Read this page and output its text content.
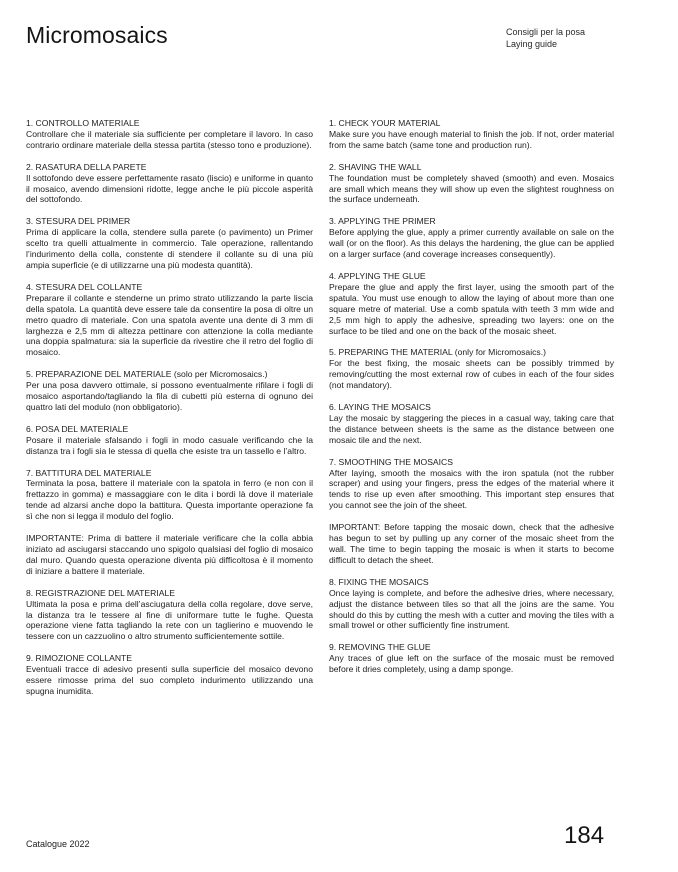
Micromosaics	Consigli per la posa
Laying guide
1. CONTROLLO MATERIALE
Controllare che il materiale sia sufficiente per completare il lavoro. In caso contrario ordinare materiale della stessa partita (stesso tono e produzione).
2. RASATURA DELLA PARETE
Il sottofondo deve essere perfettamente rasato (liscio) e uniforme in quanto il mosaico, avendo dimensioni ridotte, legge anche le più piccole asperità del sottofondo.
3. STESURA DEL PRIMER
Prima di applicare la colla, stendere sulla parete (o pavimento) un Primer scelto tra quelli attualmente in commercio. Tale operazione, rallentando l’indurimento della colla, constente di stendere il collante su di una più ampia superficie (e di utilizzarne una più modesta quantità).
4. STESURA DEL COLLANTE
Preparare il collante e stenderne un primo strato utilizzando la parte liscia della spatola. La quantità deve essere tale da consentire la posa di oltre un metro quadro di materiale. Con una spatola avente una dente di 3 mm di larghezza e 2,5 mm di altezza pettinare con attenzione la colla mediante una doppia spalmatura: sia la superficie da rivestire che il retro del foglio di mosaico.
5. PREPARAZIONE DEL MATERIALE (solo per Micromosaics.)
Per una posa davvero ottimale, si possono eventualmente rifilare i fogli di mosaico asportando/tagliando la fila di cubetti più esterna di ognuno dei quattro lati del modulo (non obbligatorio).
6. POSA DEL MATERIALE
Posare il materiale sfalsando i fogli in modo casuale verificando che la distanza tra i fogli sia le stessa di quella che esiste tra un tassello e l’altro.
7. BATTITURA DEL MATERIALE
Terminata la posa, battere il materiale con la spatola in ferro (e non con il frettazzo in gomma) e massaggiare con le dita i bordi là dove il materiale tende ad alzarsi anche dopo la battitura. Questa importante operazione fa sì che non si legga il modulo del foglio.
IMPORTANTE: Prima di battere il materiale verificare che la colla abbia iniziato ad asciugarsi staccando uno spigolo qualsiasi del foglio di mosaico dal muro. Quando questa operazione diventa più difficoltosa è il momento di iniziare a battere il materiale.
8. REGISTRAZIONE DEL MATERIALE
Ultimata la posa e prima dell’asciugatura della colla regolare, dove serve, la distanza tra le tessere al fine di uniformare tutte le fughe. Questa operazione viene fatta tagliando la rete con un taglierino e muovendo le tessere con un cazzuolino o altro strumento sufficientemente sottile.
9. RIMOZIONE COLLANTE
Eventuali tracce di adesivo presenti sulla superficie del mosaico devono essere rimosse prima del suo completo indurimento utilizzando una spugna inumidita.
1. CHECK YOUR MATERIAL
Make sure you have enough material to finish the job. If not, order material from the same batch (same tone and production run).
2. SHAVING THE WALL
The foundation must be completely shaved (smooth) and even. Mosaics are small which means they will show up even the slightest roughness on the surface underneath.
3. APPLYING THE PRIMER
Before applying the glue, apply a primer currently available on sale on the wall (or on the floor). As this delays the hardening, the glue can be applied on a larger surface (and coverage increases consequently).
4. APPLYING THE GLUE
Prepare the glue and apply the first layer, using the smooth part of the spatula. You must use enough to allow the laying of about more than one square metre of material. Use a comb spatula with teeth 3 mm wide and 2,5 mm high to apply the adhesive, spreading two layers: one on the surface to be tiled and one on the back of the mosaic sheet.
5. PREPARING THE MATERIAL (only for Micromosaics.)
For the best fixing, the mosaic sheets can be possibly trimmed by removing/cutting the most external row of cubes in each of the four sides (not mandatory).
6. LAYING THE MOSAICS
Lay the mosaic by staggering the pieces in a casual way, taking care that the distance between sheets is the same as the distance between one mosaic tile and the next.
7. SMOOTHING THE MOSAICS
After laying, smooth the mosaics with the iron spatula (not the rubber scraper) and using your fingers, press the edges of the material where it tends to rise up even after smoothing. This important step ensures that you cannot see the join of the sheet.
IMPORTANT: Before tapping the mosaic down, check that the adhesive has begun to set by pulling up any corner of the mosaic sheet from the wall. The time to begin tapping the mosaic is when it starts to become difficult to detach the sheet.
8. FIXING THE MOSAICS
Once laying is complete, and before the adhesive dries, where necessary, adjust the distance between tiles so that all the joins are the same. You should do this by cutting the mesh with a cutter and moving the tiles with a small trowel or other sufficiently fine instrument.
9. REMOVING THE GLUE
Any traces of glue left on the surface of the mosaic must be removed before it dries completely, using a damp sponge.
Catalogue 2022	184
